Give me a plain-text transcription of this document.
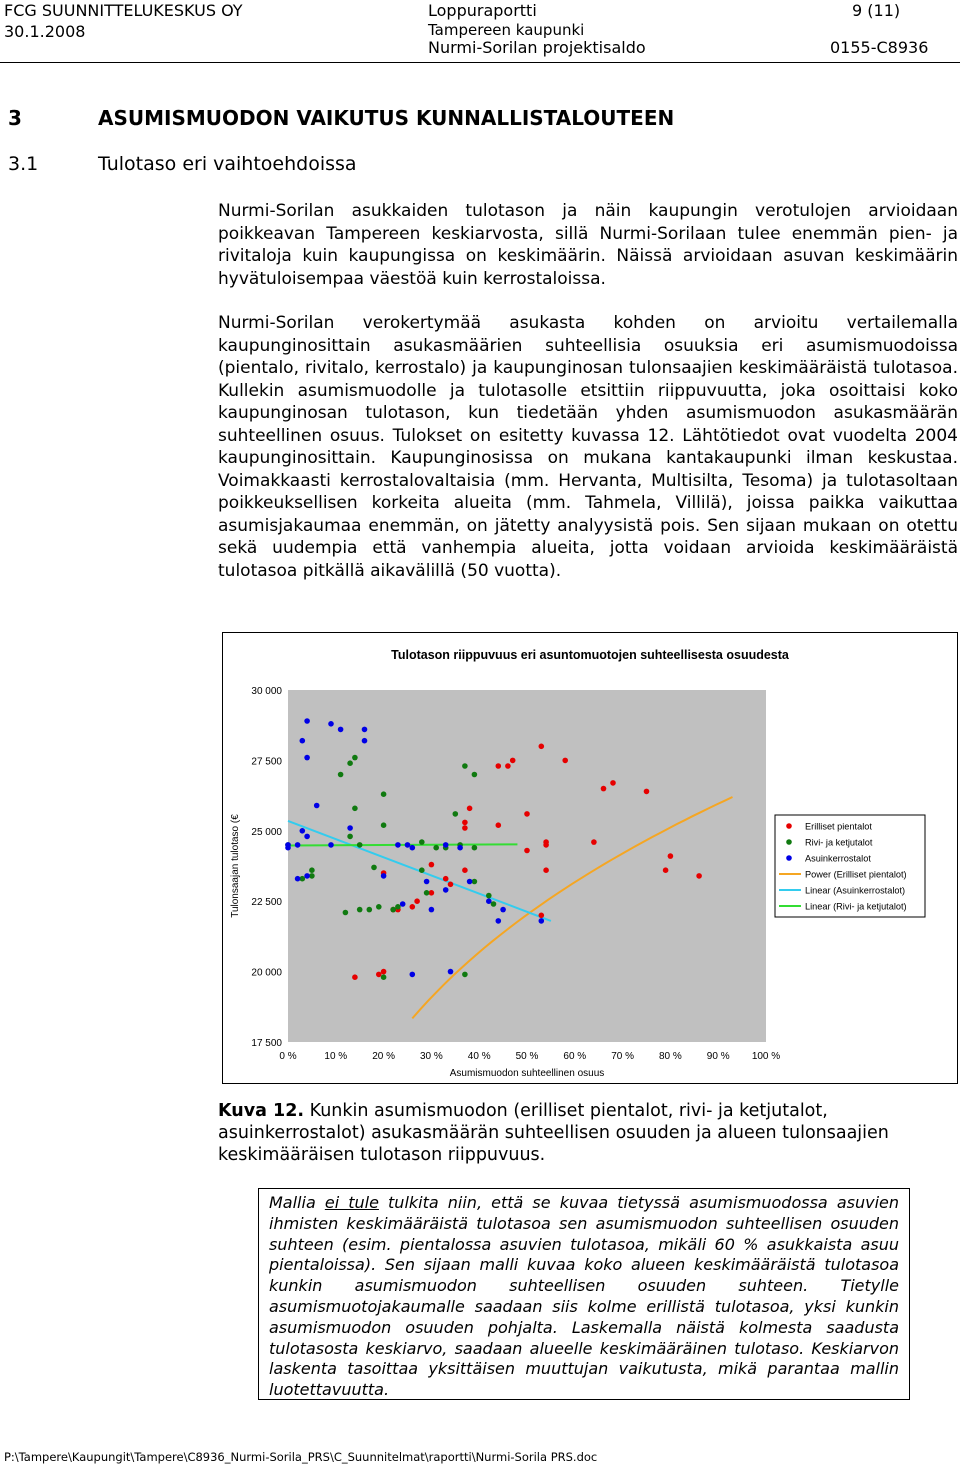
FCG SUUNNITTELUKESKUS OY
30.1.2008
Loppuraportti
Tampereen kaupunki
Nurmi-Sorilan projektisaldo
9 (11)
0155-C8936
3	ASUMISMUODON VAIKUTUS KUNNALLISTALOUTEEN
3.1	Tulotaso eri vaihtoehdoissa
Nurmi-Sorilan asukkaiden tulotason ja näin kaupungin verotulojen arvioidaan poikkeavan Tampereen keskiarvosta, sillä Nurmi-Sorilaan tulee enemmän pien- ja rivitaloja kuin kaupungissa on keskimäärin. Näissä arvioidaan asuvan keskimäärin hyvätuloisempaa väestöä kuin kerrostaloissa.
Nurmi-Sorilan verokertymää asukasta kohden on arvioitu vertailemalla kaupunginosittain asukasmäärien suhteellisia osuuksia eri asumismuodoissa (pientalo, rivitalo, kerrostalo) ja kaupunginosan tulonsaajien keskimääräistä tulotasoa. Kullekin asumismuodolle ja tulotasolle etsittiin riippuvuutta, joka osoittaisi koko kaupunginosan tulotason, kun tiedetään yhden asumismuodon asukasmäärän suhteellinen osuus. Tulokset on esitetty kuvassa 12. Lähtötiedot ovat vuodelta 2004 kaupunginosittain. Kaupunginosissa on mukana kantakaupunki ilman keskustaa. Voimakkaasti kerrostalovaltaisia (mm. Hervanta, Multisilta, Tesoma) ja tulotasoltaan poikkeuksellisen korkeita alueita (mm. Tahmela, Villilä), joissa paikka vaikuttaa asumisjakaumaa enemmän, on jätetty analyysistä pois. Sen sijaan mukaan on otettu sekä uudempia että vanhempia alueita, jotta voidaan arvioida keskimääräistä tulotasoa pitkällä aikavälillä (50 vuotta).
Tulotason riippuvuus eri asuntomuotojen suhteellisesta osuudesta
30 000
27 500
25 000
22 500
20 000
17 500
0 %	10 %	20 %	30 %	40 %	50 %	60 %	70 %	80 %	90 % 100 %
Tulonsaajan tulotaso (€
Asumismuodon suhteellinen osuus
Erilliset pientalot
Rivi- ja ketjutalot
Asuinkerrostalot
Power (Erilliset pientalot)
Linear (Asuinkerrostalot)
Linear (Rivi- ja ketjutalot)
Kuva 12. Kunkin asumismuodon (erilliset pientalot, rivi- ja ketjutalot, asuinkerrostalot) asukasmäärän suhteellisen osuuden ja alueen tulonsaajien keskimääräisen tulotason riippuvuus.
Mallia ei tule tulkita niin, että se kuvaa tietyssä asumismuodossa asuvien ihmisten keskimääräistä tulotasoa sen asumismuodon suhteellisen osuuden suhteen (esim. pientalossa asuvien tulotasoa, mikäli 60 % asukkaista asuu pientaloissa). Sen sijaan malli kuvaa koko alueen keskimääräistä tulotasoa kunkin asumismuodon suhteellisen osuuden suhteen. Tietylle asumismuotojakaumalle saadaan siis kolme erillistä tulotasoa, yksi kunkin asumismuodon osuuden pohjalta. Laskemalla näistä kolmesta saadusta tulotasosta keskiarvo, saadaan alueelle keskimääräinen tulotaso. Keskiarvon laskenta tasoittaa yksittäisen muuttujan vaikutusta, mikä parantaa mallin luotettavuutta.
P:\Tampere\Kaupungit\Tampere\C8936_Nurmi-Sorila_PRS\C_Suunnitelmat\raportti\Nurmi-Sorila PRS.doc
